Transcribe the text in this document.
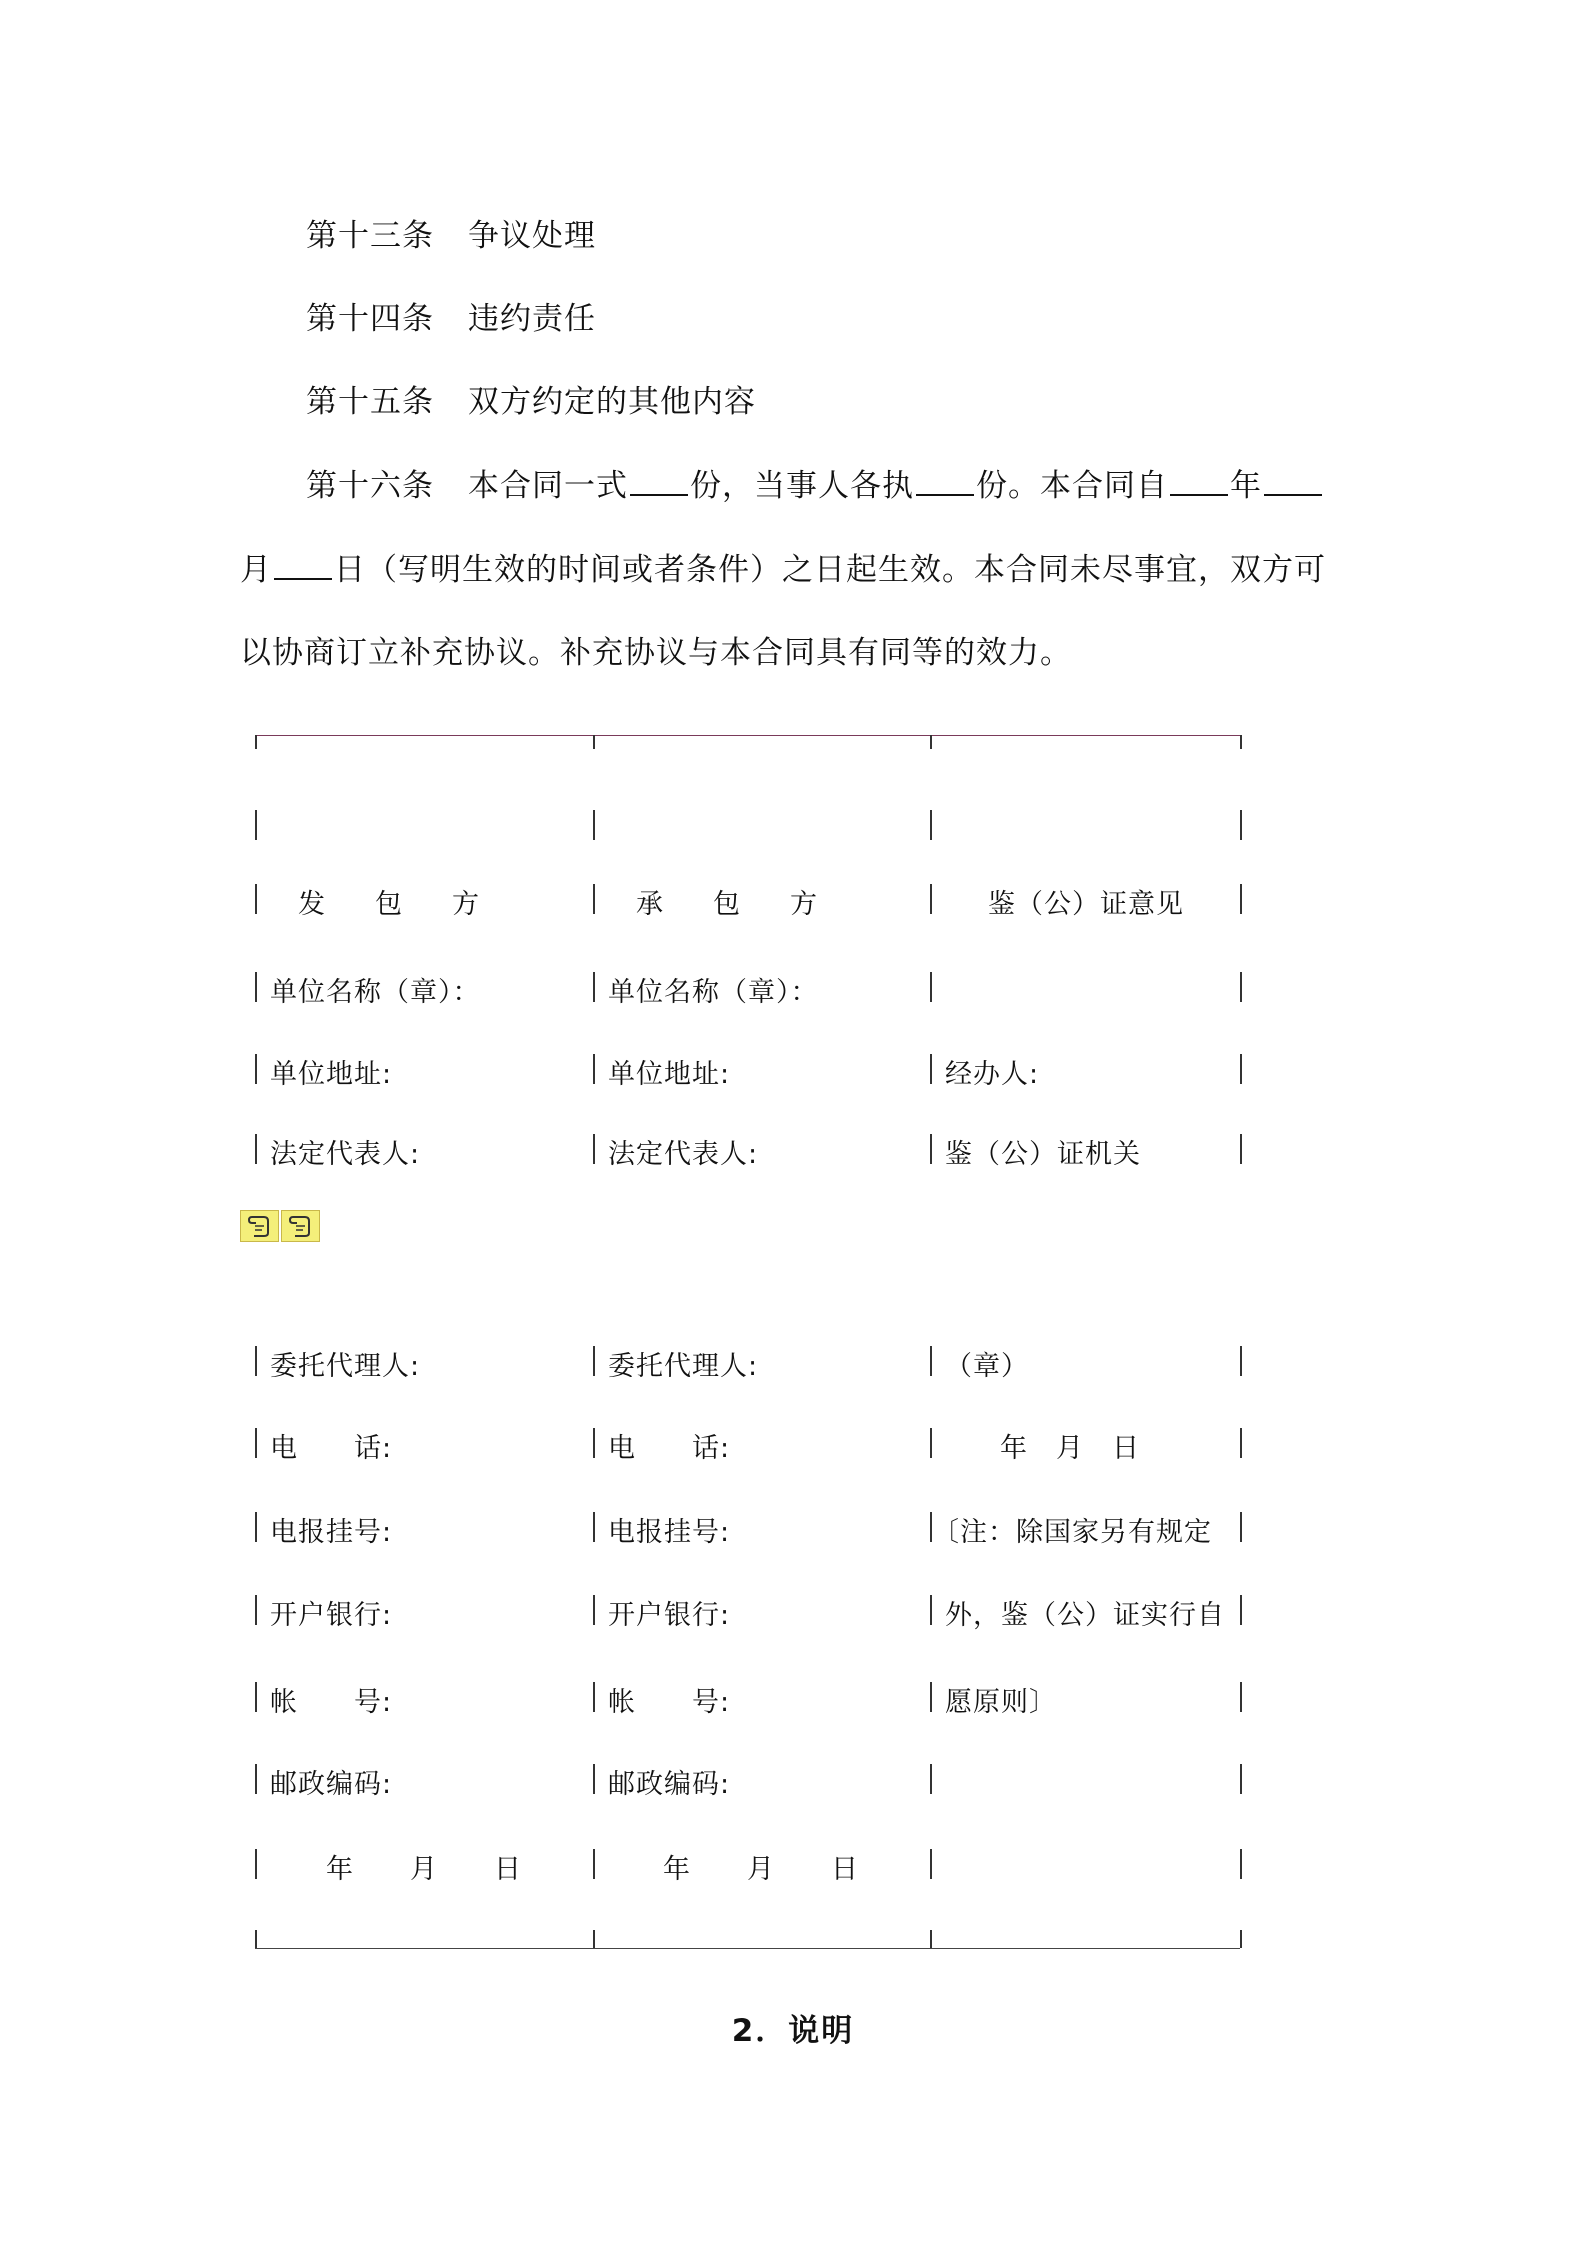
第十三条 争议处理
第十四条 违约责任
第十五条 双方约定的其他内容
第十六条 本合同一式 份，当事人各执 份。本合同自 年
月 日（写明生效的时间或者条件）之日起生效。本合同未尽事宜，双方可
以协商订立补充协议。补充协议与本合同具有同等的效力。
发包方	承包方	鉴（公）证意见
单位名称（章）：	单位名称（章）：
单位地址:	单位地址:	经办人:
法定代表人:	法定代表人:	鉴（公）证机关
委托代理人:	委托代理人:	（章）
电　　话:	电　　话:	年　月　日
电报挂号:	电报挂号:	〔注：除国家另有规定
开户银行:	开户银行:	外，鉴（公）证实行自
帐　　号:	帐　　号:	愿原则〕
邮政编码:	邮政编码:
年　　月　　日	年　　月　　日
2．说明
